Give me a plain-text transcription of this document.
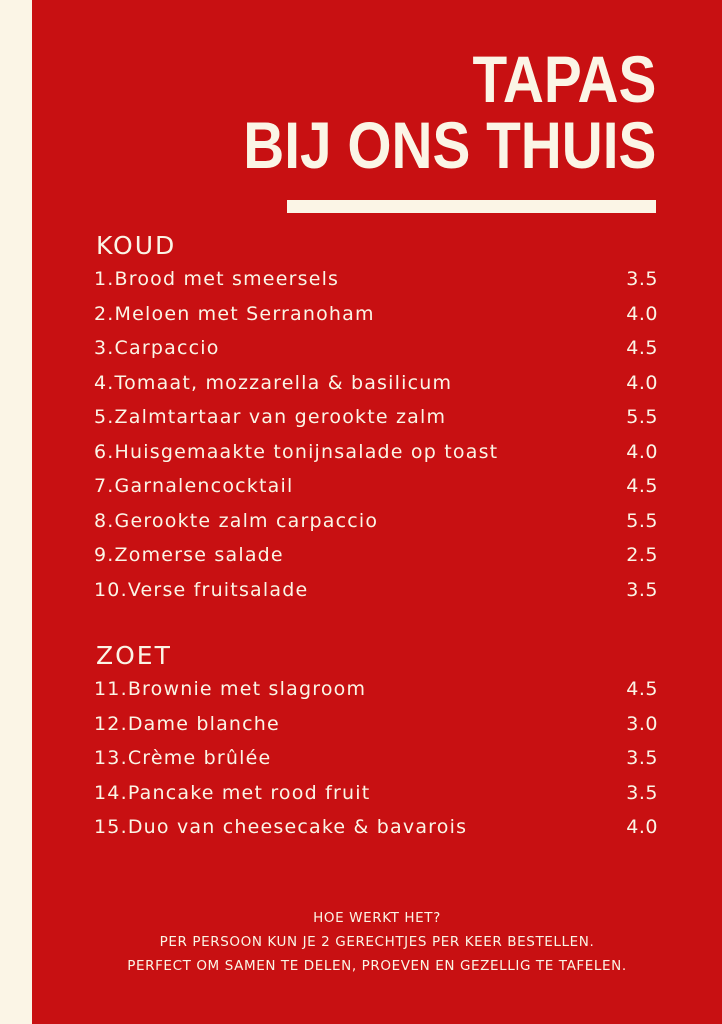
TAPAS
BIJ ONS THUIS
KOUD
1.Brood met smeersels	3.5
2.Meloen met Serranoham	4.0
3.Carpaccio	4.5
4.Tomaat, mozzarella & basilicum	4.0
5.Zalmtartaar van gerookte zalm	5.5
6.Huisgemaakte tonijnsalade op toast	4.0
7.Garnalencocktail	4.5
8.Gerookte zalm carpaccio	5.5
9.Zomerse salade	2.5
10.Verse fruitsalade	3.5
ZOET
11.Brownie met slagroom	4.5
12.Dame blanche	3.0
13.Crème brûlée	3.5
14.Pancake met rood fruit	3.5
15.Duo van cheesecake & bavarois	4.0
HOE WERKT HET?
PER PERSOON KUN JE 2 GERECHTJES PER KEER BESTELLEN.
PERFECT OM SAMEN TE DELEN, PROEVEN EN GEZELLIG TE TAFELEN.
